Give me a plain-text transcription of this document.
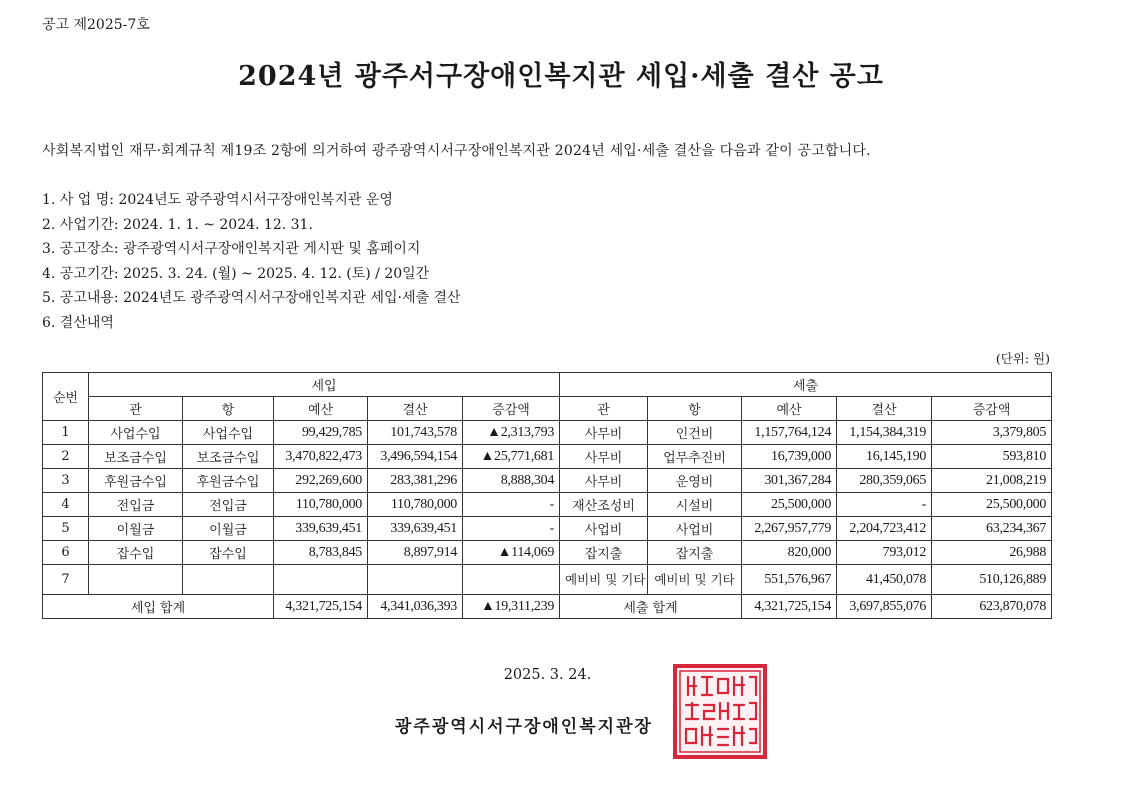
공고 제2025-7호
2024년 광주서구장애인복지관 세입·세출 결산 공고
사회복지법인 재무·회계규칙 제19조 2항에 의거하여 광주광역시서구장애인복지관 2024년 세입·세출 결산을 다음과 같이 공고합니다.
1. 사 업 명: 2024년도 광주광역시서구장애인복지관 운영
2. 사업기간: 2024. 1. 1. ~ 2024. 12. 31.
3. 공고장소: 광주광역시서구장애인복지관 게시판 및 홈페이지
4. 공고기간: 2025. 3. 24. (월) ~ 2025. 4. 12. (토) / 20일간
5. 공고내용: 2024년도 광주광역시서구장애인복지관 세입·세출 결산
6. 결산내역
(단위: 원)
순번	세입					세출				
	관	항	예산	결산	증감액	관	항	예산	결산	증감액
1	사업수입	사업수입	99,429,785	101,743,578	▲2,313,793	사무비	인건비	1,157,764,124	1,154,384,319	3,379,805
2	보조금수입	보조금수입	3,470,822,473	3,496,594,154	▲25,771,681	사무비	업무추진비	16,739,000	16,145,190	593,810
3	후원금수입	후원금수입	292,269,600	283,381,296	8,888,304	사무비	운영비	301,367,284	280,359,065	21,008,219
4	전입금	전입금	110,780,000	110,780,000	-	재산조성비	시설비	25,500,000	-	25,500,000
5	이월금	이월금	339,639,451	339,639,451	-	사업비	사업비	2,267,957,779	2,204,723,412	63,234,367
6	잡수입	잡수입	8,783,845	8,897,914	▲114,069	잡지출	잡지출	820,000	793,012	26,988
7						예비비 및 기타	예비비 및 기타	551,576,967	41,450,078	510,126,889
세입 합계			4,321,725,154	4,341,036,393	▲19,311,239	세출 합계		4,321,725,154	3,697,855,076	623,870,078
2025. 3. 24.
광주광역시서구장애인복지관장
